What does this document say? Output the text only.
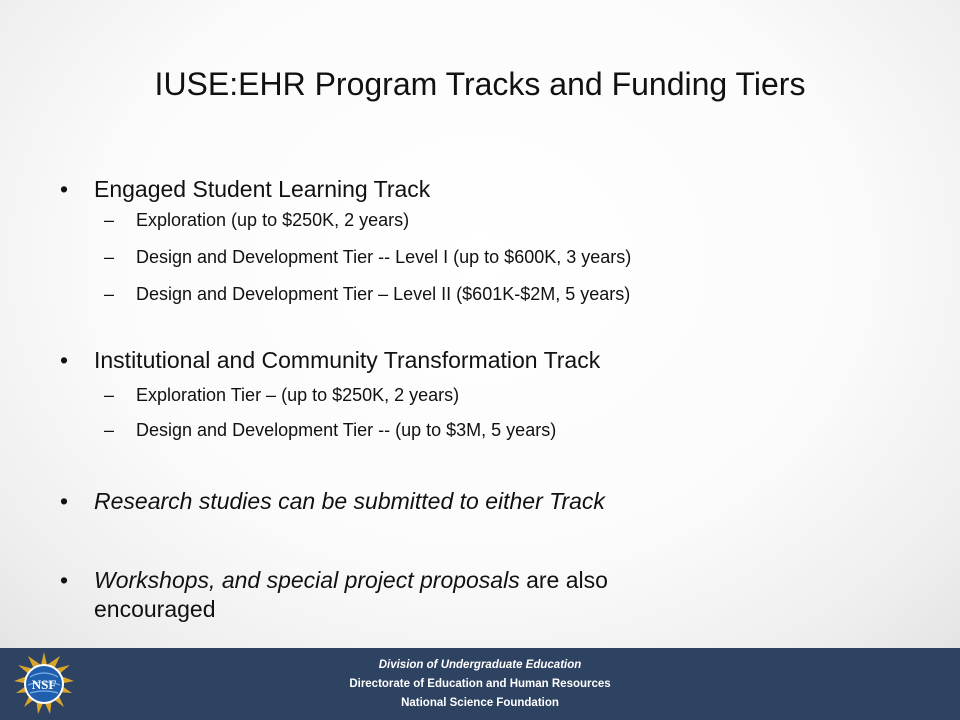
IUSE:EHR Program Tracks and Funding Tiers
• Engaged Student Learning Track
– Exploration (up to $250K, 2 years)
– Design and Development Tier -- Level I (up to $600K, 3 years)
– Design and Development Tier – Level II ($601K-$2M, 5 years)
• Institutional and Community Transformation Track
– Exploration Tier – (up to $250K, 2 years)
– Design and Development Tier -- (up to $3M, 5 years)
• Research studies can be submitted to either Track
• Workshops, and special project proposals are also
encouraged
Division of Undergraduate Education
Directorate of Education and Human Resources
National Science Foundation
NSF
